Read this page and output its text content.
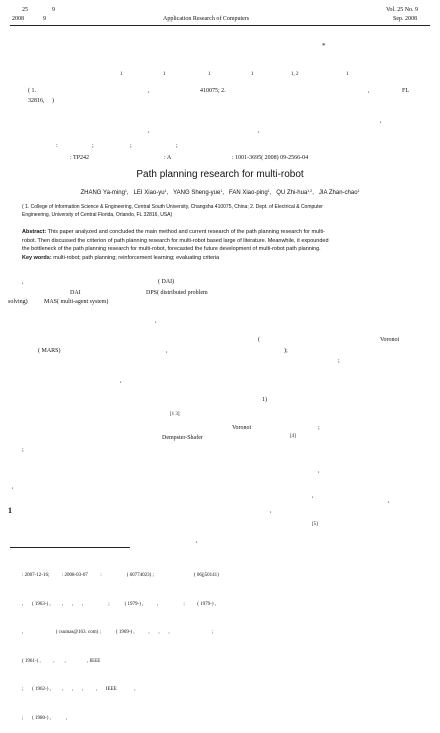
25	9
2008	9	Application Research of Computers
Vol. 25 No. 9
Sep. 2008
*
1	1	1	1	1, 2	1
( 1.	,	410075; 2.	,	FL
32816,     )
,
,	,
:	;	;	;
: TP242	: A	: 1001-3695( 2008) 09-2566-04
Path planning research for multi-robot
ZHANG Ya-ming$^1$,   LEI Xiao-$yu^1$,   YANG Sheng-yue$^1$,   FAN Xiao-ping$^1$,   QU Zhi-hua$^{1,2}$,   JIA Zhan-chao$^1$
( 1. College of Information Science & Engineering, Central South University, Changsha 410075, China; 2. Dept. of Electrical & Computer
Engineering, University of Central Florida, Orlando, FL 32816, USA)
Abstract: This paper analyzed and concluded the main method and current research of the path planning research for multi-
robot. Then discussed the criterion of path planning research for multi-robot based large of literature. Meanwhile, it expounded
the bottleneck of the path planning research for multi-robot, forecasted the future development of multi-robot path planning.
Key words: multi-robot; path planning; reinforcement learning; evaluating criteria
,	( DAI)
DAI	DPS( distributed problem
solving)	MAS( multi-agent system)
,
(
);
Voronoi
( MARS)	,
;
,
1)
[1 3]
Voronoi	;
Dempster-Shafer	[4]
;
,
,
,
,
1	,
[5]
,

: 2007-12-16;          : 2008-03-07          :                    ( 60774023) ;                                ( 06jj50141)

,       ( 1963-) ,         ,       ,       ,                    ;            ( 1979-) ,           ,                    ;          ( 1979-) ,

,                          ( csumas@163. com) ;            ( 1969-) ,           ,       ,       ,                                  ;

( 1961-) ,          ,        ,                 , IEEE

;       ( 1962-) ,         ,       ,       ,          ,       IEEE              ,

;       ( 1980-) ,            ,
